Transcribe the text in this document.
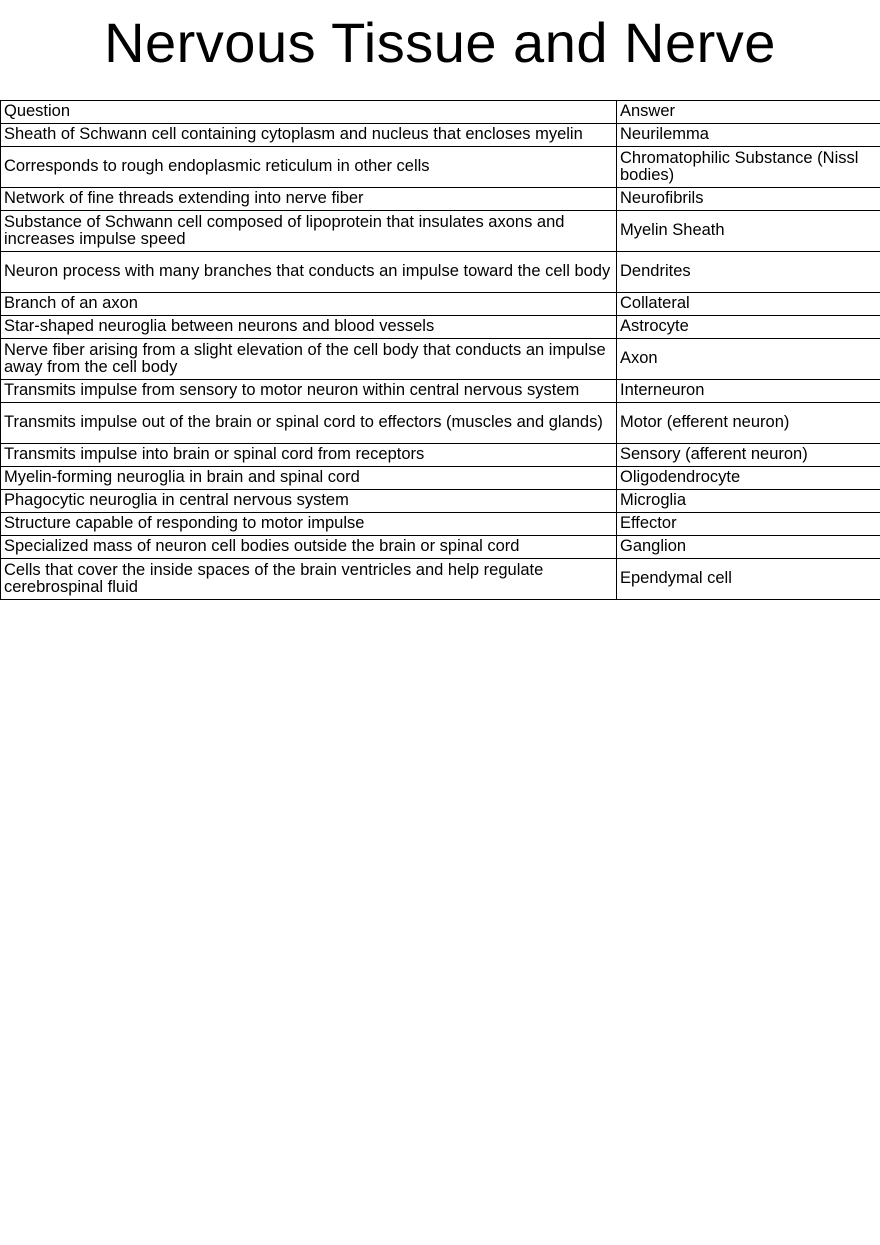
Nervous Tissue and Nerve
Question	Answer
Sheath of Schwann cell containing cytoplasm and nucleus that encloses myelin	Neurilemma
Corresponds to rough endoplasmic reticulum in other cells	Chromatophilic Substance (Nissl bodies)
Network of fine threads extending into nerve fiber	Neurofibrils
Substance of Schwann cell composed of lipoprotein that insulates axons and increases impulse speed	Myelin Sheath
Neuron process with many branches that conducts an impulse toward the cell body	Dendrites
Branch of an axon	Collateral
Star-shaped neuroglia between neurons and blood vessels	Astrocyte
Nerve fiber arising from a slight elevation of the cell body that conducts an impulse away from the cell body	Axon
Transmits impulse from sensory to motor neuron within central nervous system	Interneuron
Transmits impulse out of the brain or spinal cord to effectors (muscles and glands)	Motor (efferent neuron)
Transmits impulse into brain or spinal cord from receptors	Sensory (afferent neuron)
Myelin-forming neuroglia in brain and spinal cord	Oligodendrocyte
Phagocytic neuroglia in central nervous system	Microglia
Structure capable of responding to motor impulse	Effector
Specialized mass of neuron cell bodies outside the brain or spinal cord	Ganglion
Cells that cover the inside spaces of the brain ventricles and help regulate cerebrospinal fluid	Ependymal cell
